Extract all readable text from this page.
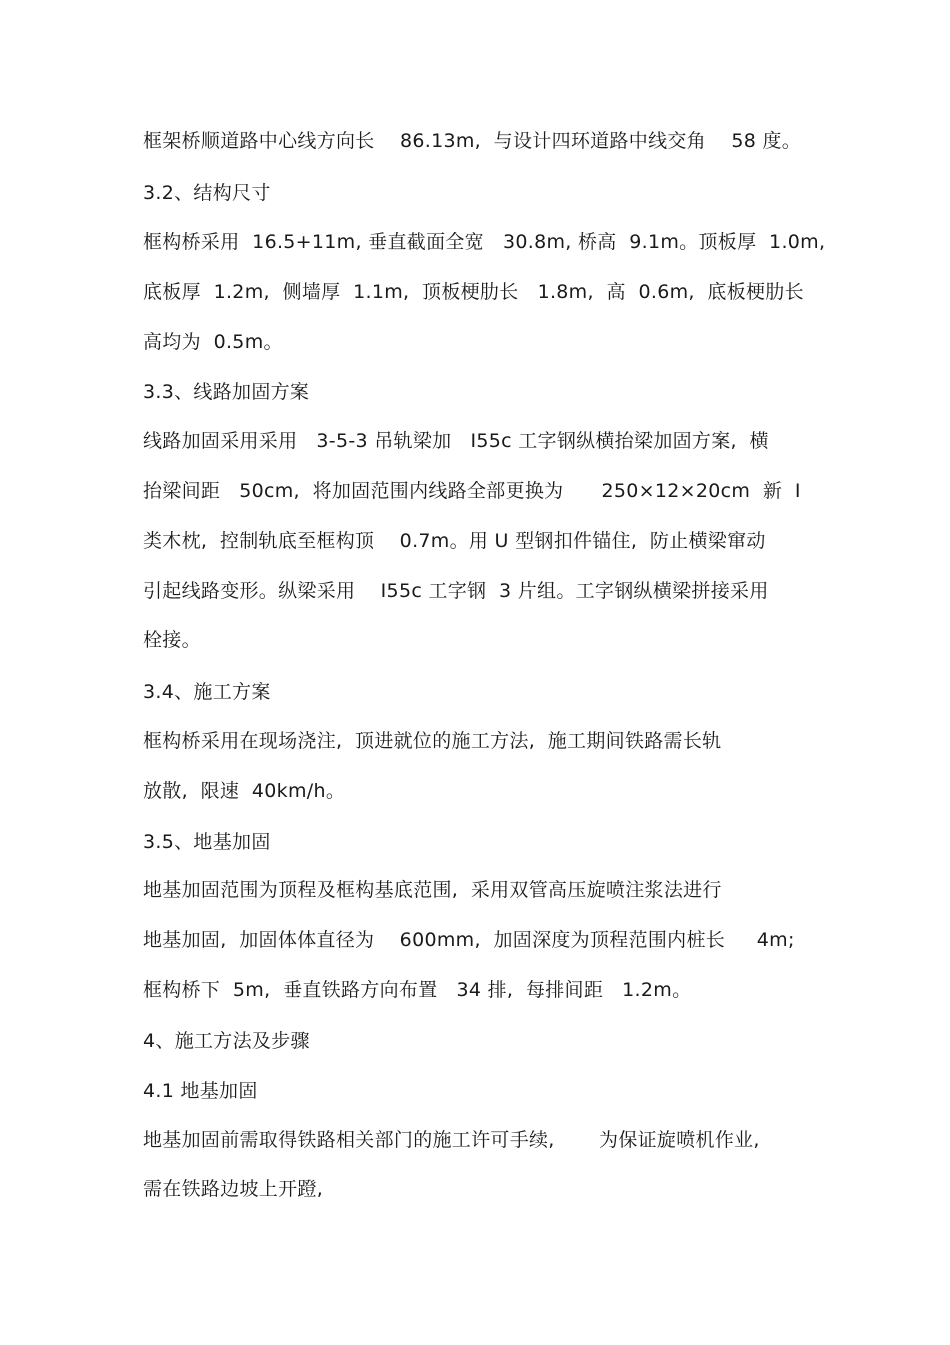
框架桥顺道路中心线方向长    86.13m,  与设计四环道路中线交角    58 度。
3.2、结构尺寸
框构桥采用  16.5+11m, 垂直截面全宽   30.8m, 桥高  9.1m。顶板厚  1.0m,
底板厚  1.2m,  侧墙厚  1.1m,  顶板梗肋长   1.8m,  高  0.6m,  底板梗肋长
高均为  0.5m。
3.3、线路加固方案
线路加固采用采用   3-5-3 吊轨梁加   I55c 工字钢纵横抬梁加固方案,  横
抬梁间距   50cm,  将加固范围内线路全部更换为      250×12×20cm  新  I
类木枕,  控制轨底至框构顶    0.7m。用 U 型钢扣件锚住,  防止横梁窜动
引起线路变形。纵梁采用    I55c 工字钢  3 片组。工字钢纵横梁拼接采用
栓接。
3.4、施工方案
框构桥采用在现场浇注,  顶进就位的施工方法,  施工期间铁路需长轨
放散,  限速  40km/h。
3.5、地基加固
地基加固范围为顶程及框构基底范围,  采用双管高压旋喷注浆法进行
地基加固,  加固体体直径为    600mm,  加固深度为顶程范围内桩长     4m;
框构桥下  5m,  垂直铁路方向布置   34 排,  每排间距   1.2m。
4、施工方法及步骤
4.1 地基加固
地基加固前需取得铁路相关部门的施工许可手续,       为保证旋喷机作业,
需在铁路边坡上开蹬,
